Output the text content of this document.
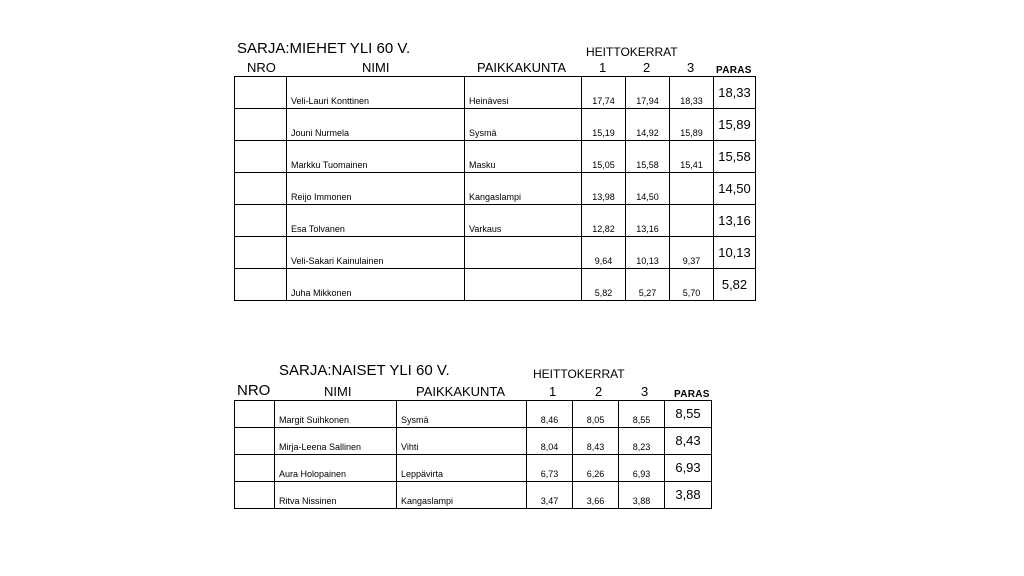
SARJA:MIEHET YLI 60 V.	HEITTOKERRAT
NRO	NIMI	PAIKKAKUNTA	1	2	3 PARAS
	Veli-Lauri Konttinen	Heinävesi	17,74	17,94	18,33	18,33
	Jouni Nurmela	Sysmä	15,19	14,92	15,89	15,89
	Markku Tuomainen	Masku	15,05	15,58	15,41	15,58
	Reijo Immonen	Kangaslampi	13,98	14,50		14,50
	Esa Tolvanen	Varkaus	12,82	13,16		13,16
	Veli-Sakari Kainulainen		9,64	10,13	9,37	10,13
	Juha Mikkonen		5,82	5,27	5,70	5,82
SARJA:NAISET YLI 60 V.	HEITTOKERRAT
NRO	NIMI	PAIKKAKUNTA	1	2	3	PARAS
	Margit Suihkonen	Sysmä	8,46	8,05	8,55	8,55
	Mirja-Leena Sallinen	Vihti	8,04	8,43	8,23	8,43
	Aura Holopainen	Leppävirta	6,73	6,26	6,93	6,93
	Ritva Nissinen	Kangaslampi	3,47	3,66	3,88	3,88
